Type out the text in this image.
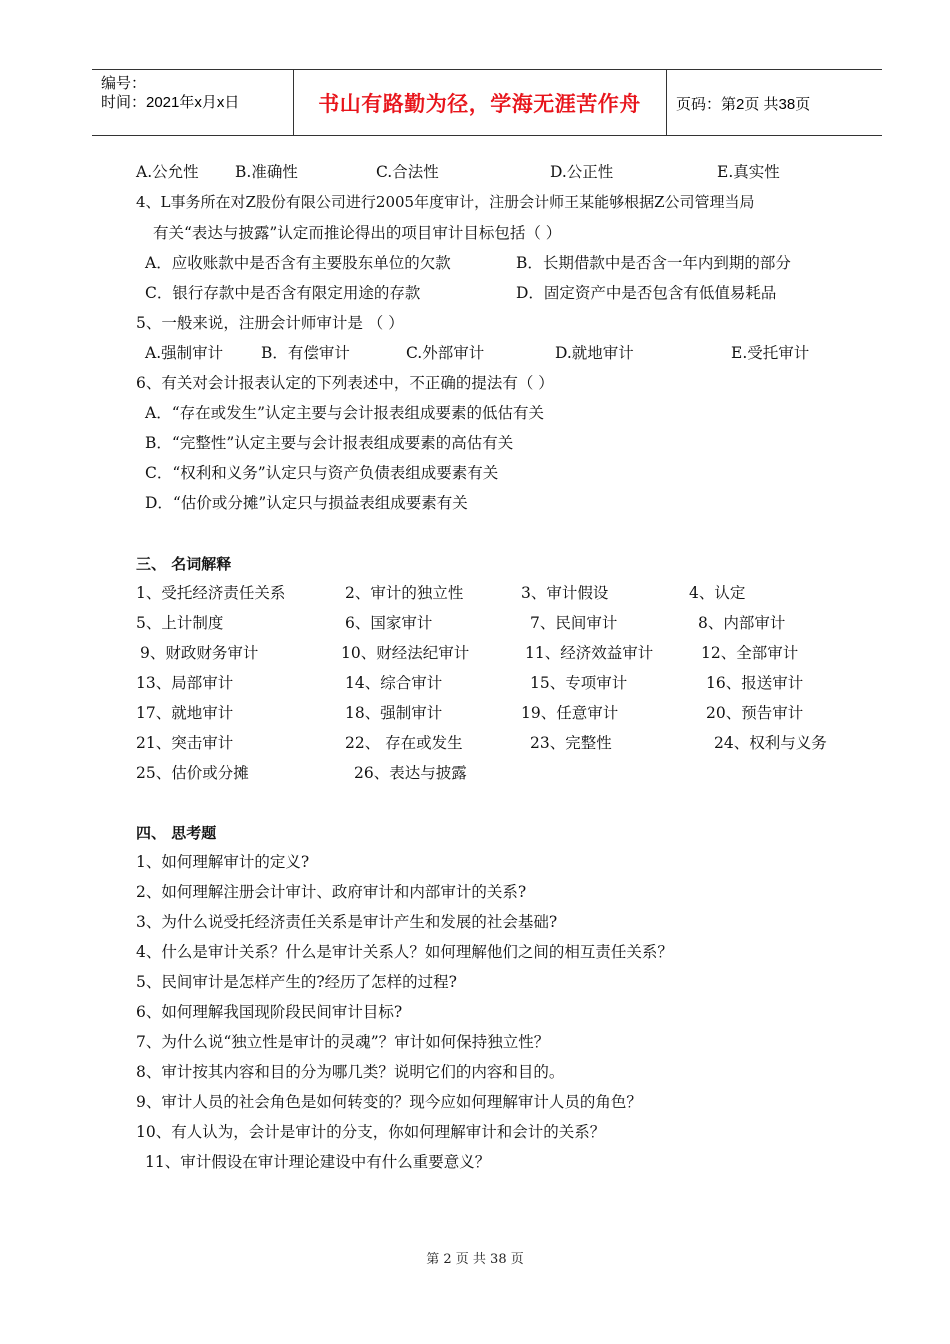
编号：
时间：2021年x月x日	书山有路勤为径，学海无涯苦作舟	页码：第2页 共38页
A.公允性 B.准确性	C.合法性	D.公正性	E.真实性
4、L事务所在对Z股份有限公司进行2005年度审计，注册会计师王某能够根据Z公司管理当局
有关“表达与披露”认定而推论得出的项目审计目标包括（ ）
A．应收账款中是否含有主要股东单位的欠款	B．长期借款中是否含一年内到期的部分
C．银行存款中是否含有限定用途的存款	D．固定资产中是否包含有低值易耗品
5、一般来说，注册会计师审计是 （ ）
A.强制审计 B．有偿审计	C.外部审计	D.就地审计	E.受托审计
6、有关对会计报表认定的下列表述中，不正确的提法有（ ）
A．“存在或发生”认定主要与会计报表组成要素的低估有关
B．“完整性”认定主要与会计报表组成要素的高估有关
C．“权利和义务”认定只与资产负债表组成要素有关
D．“估价或分摊”认定只与损益表组成要素有关
三、 名词解释
1、受托经济责任关系	2、审计的独立性	3、审计假设	4、认定
5、上计制度	6、国家审计	7、民间审计	8、内部审计
9、财政财务审计	10、财经法纪审计	11、经济效益审计	12、全部审计
13、局部审计	14、综合审计	15、专项审计	16、报送审计
17、就地审计	18、强制审计	19、任意审计	20、预告审计
21、突击审计	22、 存在或发生	23、完整性	24、权利与义务
25、估价或分摊	26、表达与披露
四、 思考题
1、如何理解审计的定义?
2、如何理解注册会计审计、政府审计和内部审计的关系?
3、为什么说受托经济责任关系是审计产生和发展的社会基础?
4、什么是审计关系？什么是审计关系人？如何理解他们之间的相互责任关系？
5、民间审计是怎样产生的?经历了怎样的过程?
6、如何理解我国现阶段民间审计目标?
7、为什么说“独立性是审计的灵魂”？审计如何保持独立性？
8、审计按其内容和目的分为哪几类？说明它们的内容和目的。
9、审计人员的社会角色是如何转变的？现今应如何理解审计人员的角色？
10、有人认为，会计是审计的分支，你如何理解审计和会计的关系？
11、审计假设在审计理论建设中有什么重要意义？
第 2 页 共 38 页
